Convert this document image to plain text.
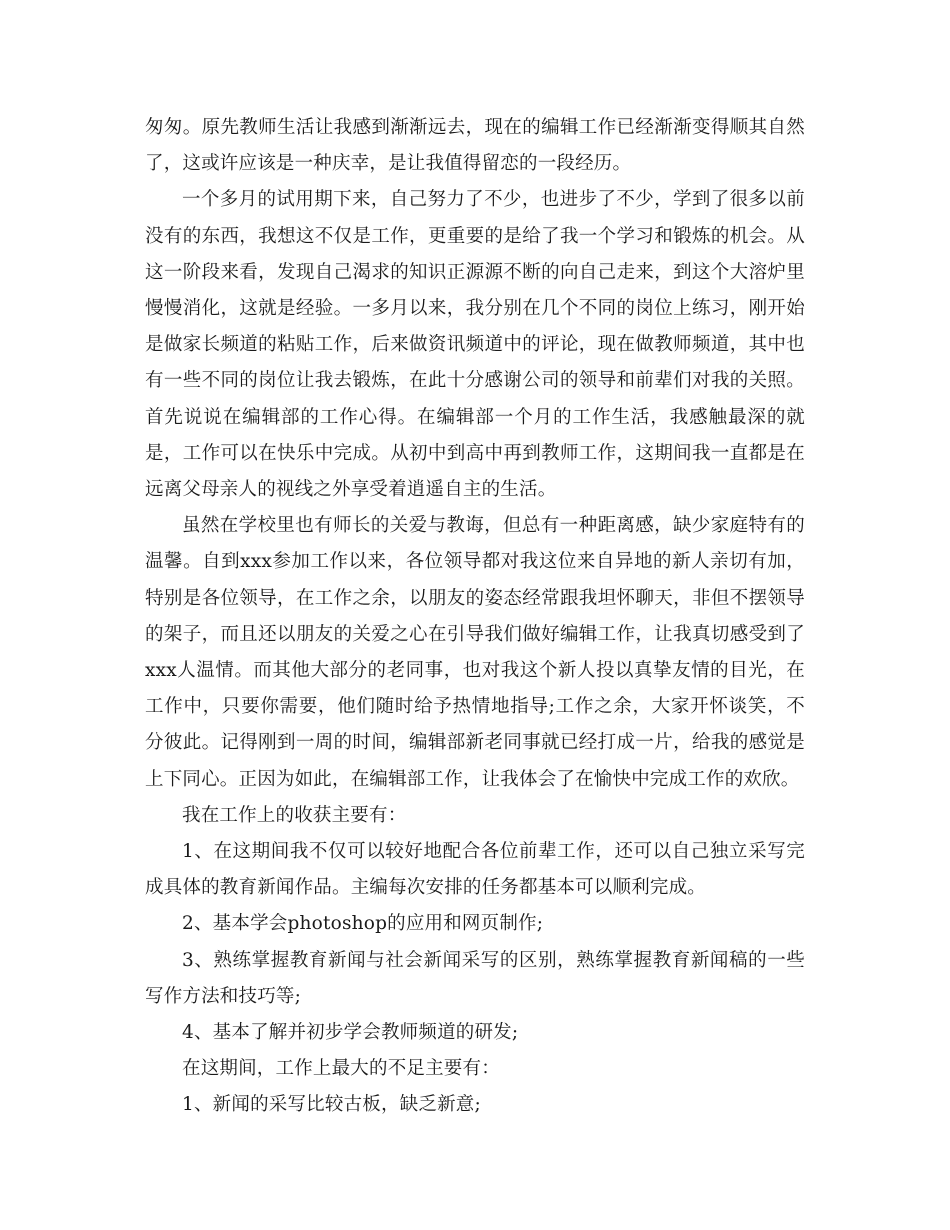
匆匆。原先教师生活让我感到渐渐远去，现在的编辑工作已经渐渐变得顺其自然了，这或许应该是一种庆幸，是让我值得留恋的一段经历。

一个多月的试用期下来，自己努力了不少，也进步了不少，学到了很多以前没有的东西，我想这不仅是工作，更重要的是给了我一个学习和锻炼的机会。从这一阶段来看，发现自己渴求的知识正源源不断的向自己走来，到这个大溶炉里慢慢消化，这就是经验。一多月以来，我分别在几个不同的岗位上练习，刚开始是做家长频道的粘贴工作，后来做资讯频道中的评论，现在做教师频道，其中也有一些不同的岗位让我去锻炼，在此十分感谢公司的领导和前辈们对我的关照。首先说说在编辑部的工作心得。在编辑部一个月的工作生活，我感触最深的就是，工作可以在快乐中完成。从初中到高中再到教师工作，这期间我一直都是在远离父母亲人的视线之外享受着逍遥自主的生活。

虽然在学校里也有师长的关爱与教诲，但总有一种距离感，缺少家庭特有的温馨。自到xxx参加工作以来，各位领导都对我这位来自异地的新人亲切有加，特别是各位领导，在工作之余，以朋友的姿态经常跟我坦怀聊天，非但不摆领导的架子，而且还以朋友的关爱之心在引导我们做好编辑工作，让我真切感受到了xxx人温情。而其他大部分的老同事，也对我这个新人投以真挚友情的目光，在工作中，只要你需要，他们随时给予热情地指导;工作之余，大家开怀谈笑，不分彼此。记得刚到一周的时间，编辑部新老同事就已经打成一片，给我的感觉是上下同心。正因为如此，在编辑部工作，让我体会了在愉快中完成工作的欢欣。

我在工作上的收获主要有：

1、在这期间我不仅可以较好地配合各位前辈工作，还可以自己独立采写完成具体的教育新闻作品。主编每次安排的任务都基本可以顺利完成。

2、基本学会photoshop的应用和网页制作;

3、熟练掌握教育新闻与社会新闻采写的区别，熟练掌握教育新闻稿的一些写作方法和技巧等;

4、基本了解并初步学会教师频道的研发;

在这期间，工作上最大的不足主要有：

1、新闻的采写比较古板，缺乏新意;
